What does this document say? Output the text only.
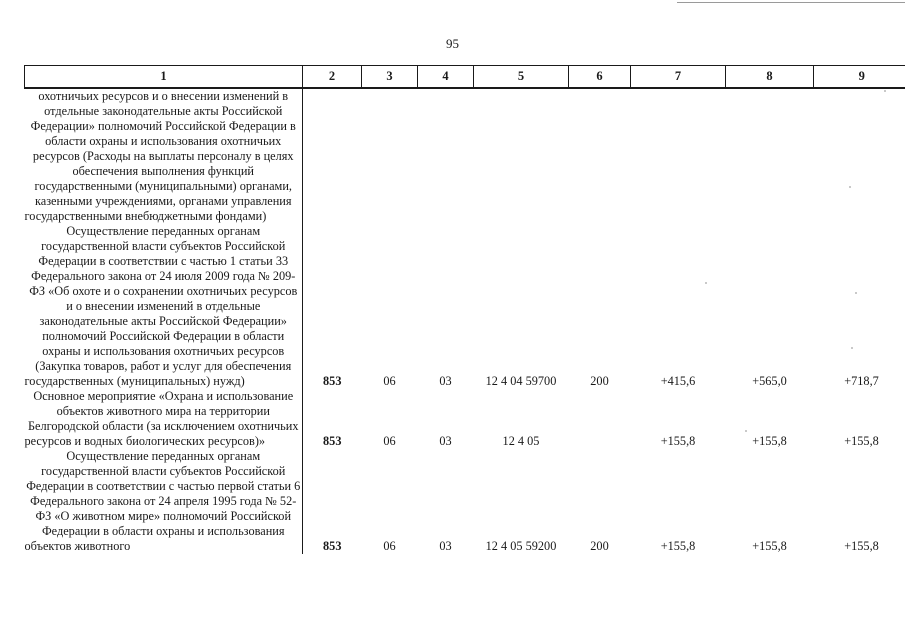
95
1	2	3	4	5	6	7	8	9

охотничьих ресурсов и о внесении изменений в отдельные законодательные акты Российской Федерации» полномочий Российской Федерации в области охраны и использования охотничьих ресурсов (Расходы на выплаты персоналу в целях обеспечения выполнения функций государственными (муниципальными) органами, казенными учреждениями, органами управления государственными внебюджетными фондами)								

Осуществление переданных органам государственной власти субъектов Российской Федерации в соответствии с частью 1 статьи 33 Федерального закона от 24 июля 2009 года № 209-ФЗ «Об охоте и о сохранении охотничьих ресурсов и о внесении изменений в отдельные законодательные акты Российской Федерации» полномочий Российской Федерации в области охраны и использования охотничьих ресурсов (Закупка товаров, работ и услуг для обеспечения государственных (муниципальных) нужд)	853	06	03	12 4 04 59700	200	+415,6	+565,0	+718,7

Основное мероприятие «Охрана и использование объектов животного мира на территории Белгородской области (за исключением охотничьих ресурсов и водных биологических ресурсов)»	853	06	03	12 4 05		+155,8	+155,8	+155,8

Осуществление переданных органам государственной власти субъектов Российской Федерации в соответствии с частью первой статьи 6 Федерального закона от 24 апреля 1995 года № 52-ФЗ «О животном мире» полномочий Российской Федерации в области охраны и использования объектов животного	853	06	03	12 4 05 59200	200	+155,8	+155,8	+155,8
